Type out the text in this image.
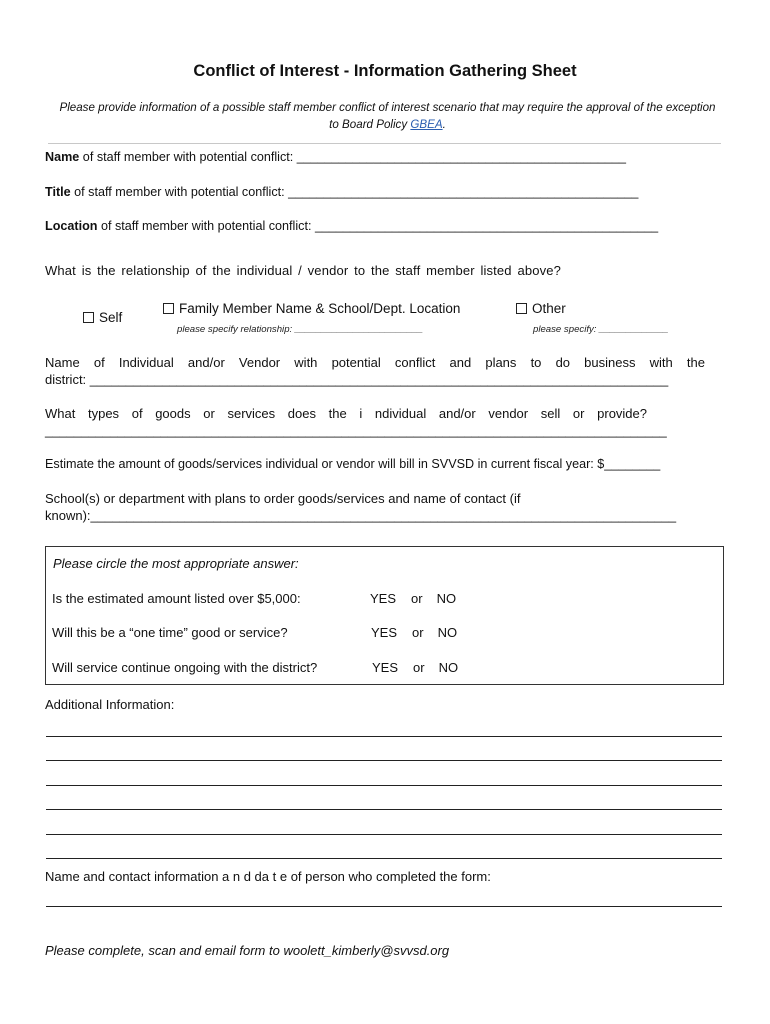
Conflict of Interest - Information Gathering Sheet
Please provide information of a possible staff member conflict of interest scenario that may require the approval of the exception to Board Policy GBEA.
Name of staff member with potential conflict: _______________________________________________
Title of staff member with potential conflict: __________________________________________________
Location of staff member with potential conflict: _________________________________________________
What is the relationship of the individual / vendor to the staff member listed above?
Self
Family Member Name & School/Dept. Location
please specify relationship: ________________________
Other
please specify: _____________
Name of Individual and/or Vendor with potential conflict and plans to do business with the
district: ________________________________________________________________________________
What types of goods or services does the i ndividual and/or vendor sell or provide?
______________________________________________________________________________________
Estimate the amount of goods/services individual or vendor will bill in SVVSD in current fiscal year: $________
School(s) or department with plans to order goods/services and name of contact (if
known):_________________________________________________________________________________
Please circle the most appropriate answer:
Is the estimated amount listed over $5,000:	YES or NO
Will this be a “one time” good or service?	YES or NO
Will service continue ongoing with the district?	YES or NO
Additional Information:
Name and contact information a n d da t e of person who completed the form:
Please complete, scan and email form to woolett_kimberly@svvsd.org
